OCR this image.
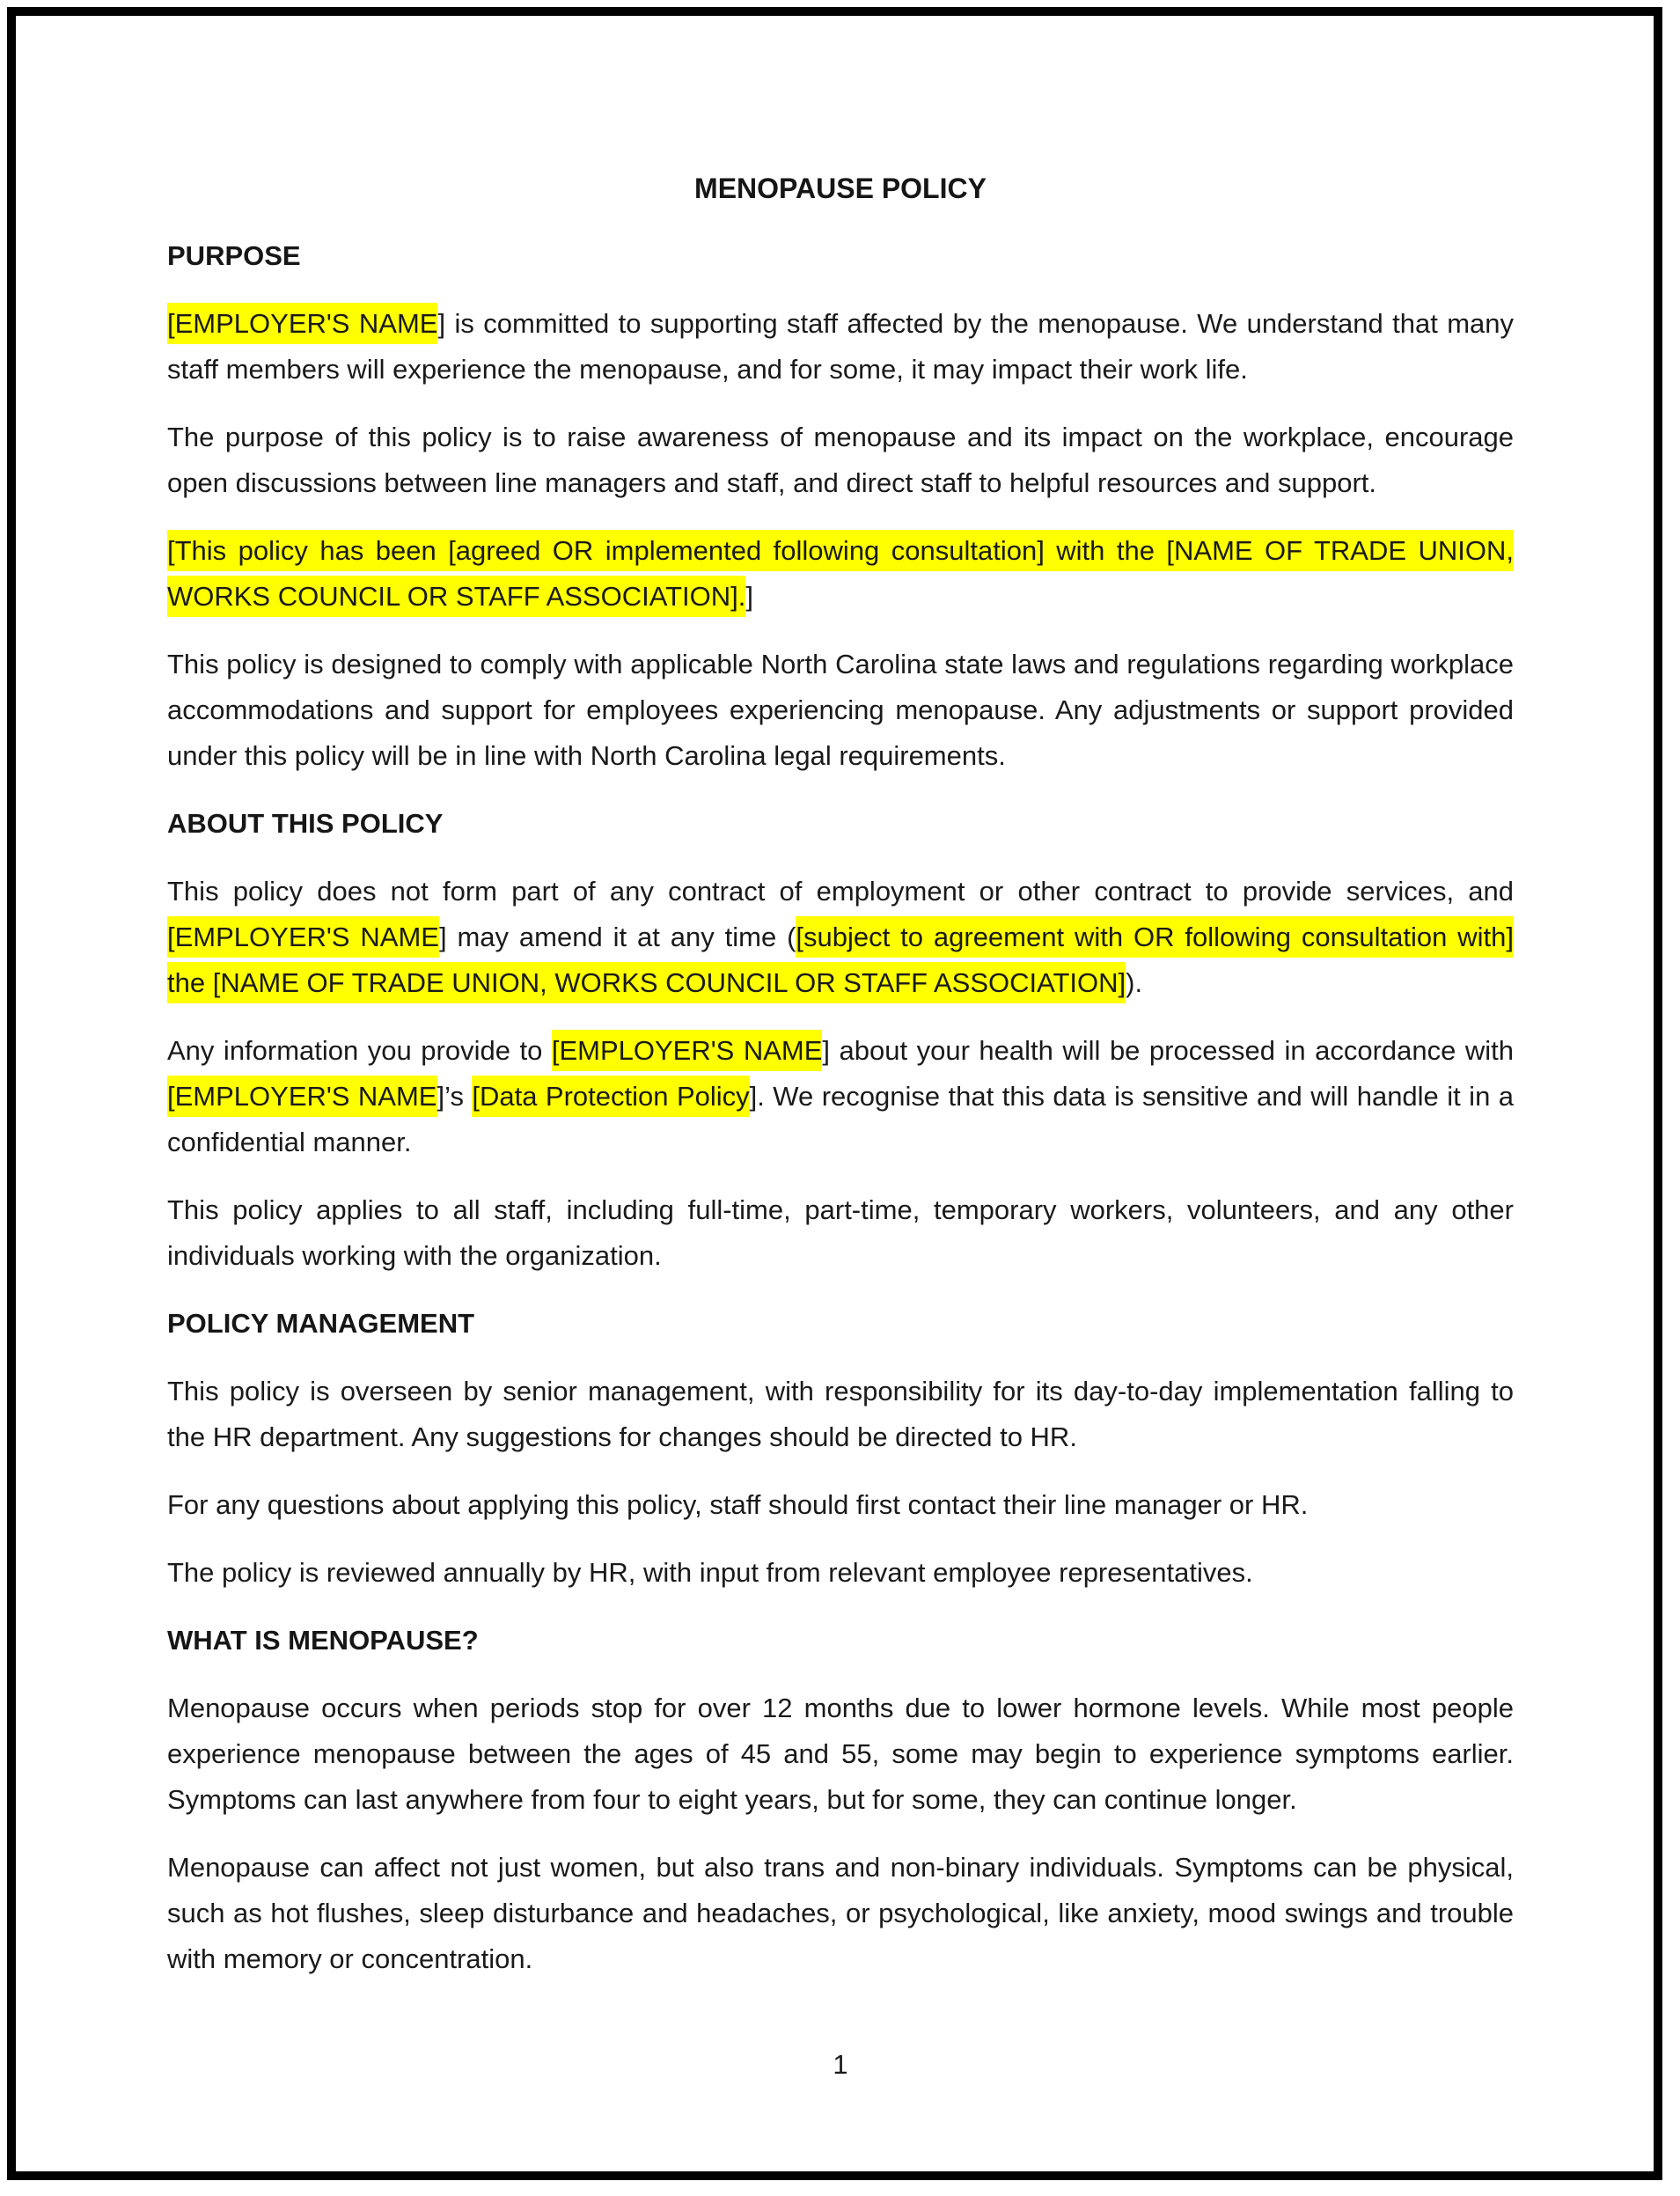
MENOPAUSE POLICY
PURPOSE

[EMPLOYER'S NAME] is committed to supporting staff affected by the menopause. We understand that many staff members will experience the menopause, and for some, it may impact their work life.

The purpose of this policy is to raise awareness of menopause and its impact on the workplace, encourage open discussions between line managers and staff, and direct staff to helpful resources and support.

[This policy has been [agreed OR implemented following consultation] with the [NAME OF TRADE UNION, WORKS COUNCIL OR STAFF ASSOCIATION].]

This policy is designed to comply with applicable North Carolina state laws and regulations regarding workplace accommodations and support for employees experiencing menopause. Any adjustments or support provided under this policy will be in line with North Carolina legal requirements.

ABOUT THIS POLICY

This policy does not form part of any contract of employment or other contract to provide services, and [EMPLOYER'S NAME] may amend it at any time ([subject to agreement with OR following consultation with] the [NAME OF TRADE UNION, WORKS COUNCIL OR STAFF ASSOCIATION]).

Any information you provide to [EMPLOYER'S NAME] about your health will be processed in accordance with [EMPLOYER'S NAME]’s [Data Protection Policy]. We recognise that this data is sensitive and will handle it in a confidential manner.

This policy applies to all staff, including full-time, part-time, temporary workers, volunteers, and any other individuals working with the organization.

POLICY MANAGEMENT

This policy is overseen by senior management, with responsibility for its day-to-day implementation falling to the HR department. Any suggestions for changes should be directed to HR.

For any questions about applying this policy, staff should first contact their line manager or HR.

The policy is reviewed annually by HR, with input from relevant employee representatives.

WHAT IS MENOPAUSE?

Menopause occurs when periods stop for over 12 months due to lower hormone levels. While most people experience menopause between the ages of 45 and 55, some may begin to experience symptoms earlier. Symptoms can last anywhere from four to eight years, but for some, they can continue longer.

Menopause can affect not just women, but also trans and non-binary individuals. Symptoms can be physical, such as hot flushes, sleep disturbance and headaches, or psychological, like anxiety, mood swings and trouble with memory or concentration.

1
